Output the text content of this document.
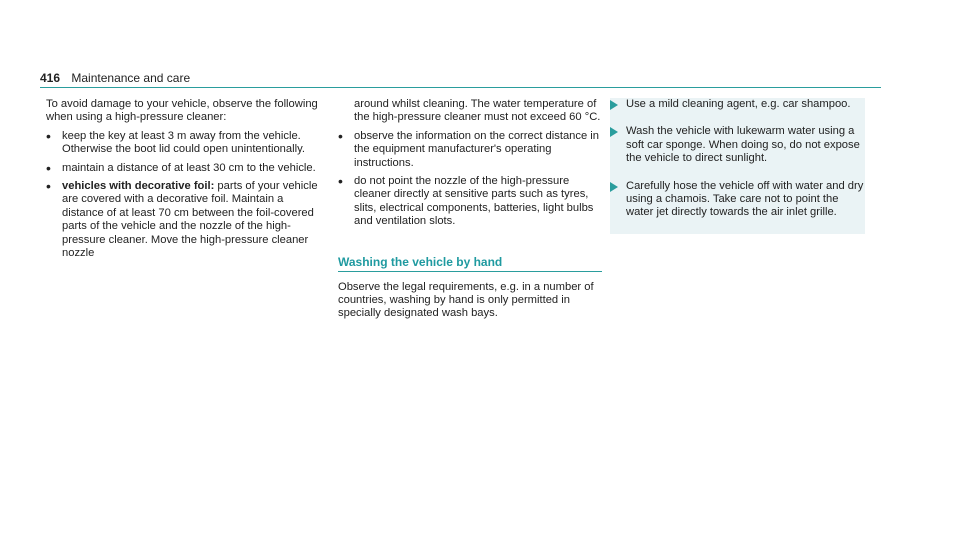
416 Maintenance and care

To avoid damage to your vehicle, observe the following when using a high-pressure cleaner:

• keep the key at least 3 m away from the vehicle. Otherwise the boot lid could open unintentionally.
• maintain a distance of at least 30 cm to the vehicle.
• vehicles with decorative foil: parts of your vehicle are covered with a decorative foil. Maintain a distance of at least 70 cm between the foil-covered parts of the vehicle and the nozzle of the high-pressure cleaner. Move the high-pressure cleaner nozzle
around whilst cleaning. The water temperature of the high-pressure cleaner must not exceed 60 °C.
• observe the information on the correct distance in the equipment manufacturer's operating instructions.
• do not point the nozzle of the high-pressure cleaner directly at sensitive parts such as tyres, slits, electrical components, batteries, light bulbs and ventilation slots.
Washing the vehicle by hand

Observe the legal requirements, e.g. in a number of countries, washing by hand is only permitted in specially designated wash bays.

Use a mild cleaning agent, e.g. car shampoo.
Wash the vehicle with lukewarm water using a soft car sponge. When doing so, do not expose the vehicle to direct sunlight.
Carefully hose the vehicle off with water and dry using a chamois. Take care not to point the water jet directly towards the air inlet grille.
